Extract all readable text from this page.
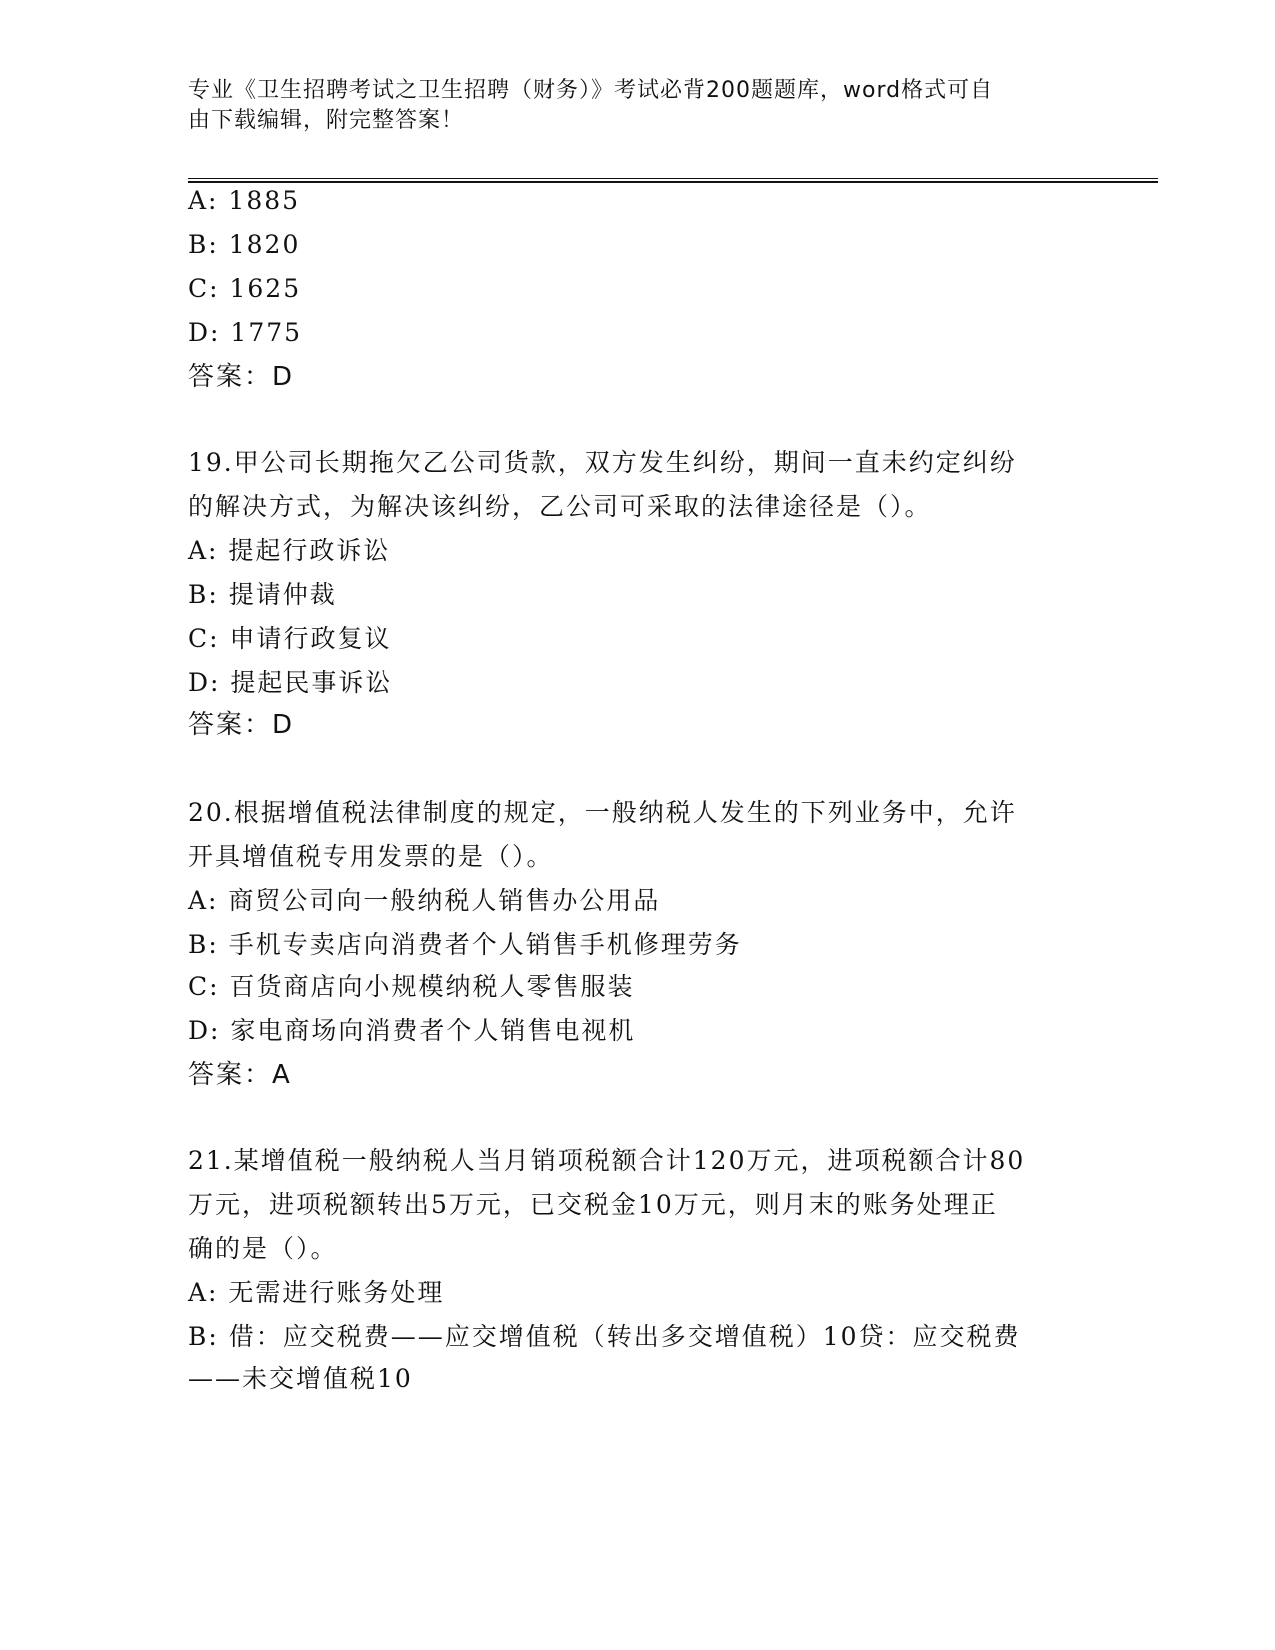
专业《卫生招聘考试之卫生招聘（财务）》考试必背200题题库，word格式可自
由下载编辑，附完整答案！
A: 1885
B: 1820
C: 1625
D: 1775
答案：D
19.甲公司长期拖欠乙公司货款，双方发生纠纷，期间一直未约定纠纷
的解决方式，为解决该纠纷，乙公司可采取的法律途径是（）。
A: 提起行政诉讼
B: 提请仲裁
C: 申请行政复议
D: 提起民事诉讼
答案：D
20.根据增值税法律制度的规定，一般纳税人发生的下列业务中，允许
开具增值税专用发票的是（）。
A: 商贸公司向一般纳税人销售办公用品
B: 手机专卖店向消费者个人销售手机修理劳务
C: 百货商店向小规模纳税人零售服装
D: 家电商场向消费者个人销售电视机
答案：A
21.某增值税一般纳税人当月销项税额合计120万元，进项税额合计80
万元，进项税额转出5万元，已交税金10万元，则月末的账务处理正
确的是（）。
A: 无需进行账务处理
B: 借：应交税费——应交增值税（转出多交增值税）10贷：应交税费
——未交增值税10
